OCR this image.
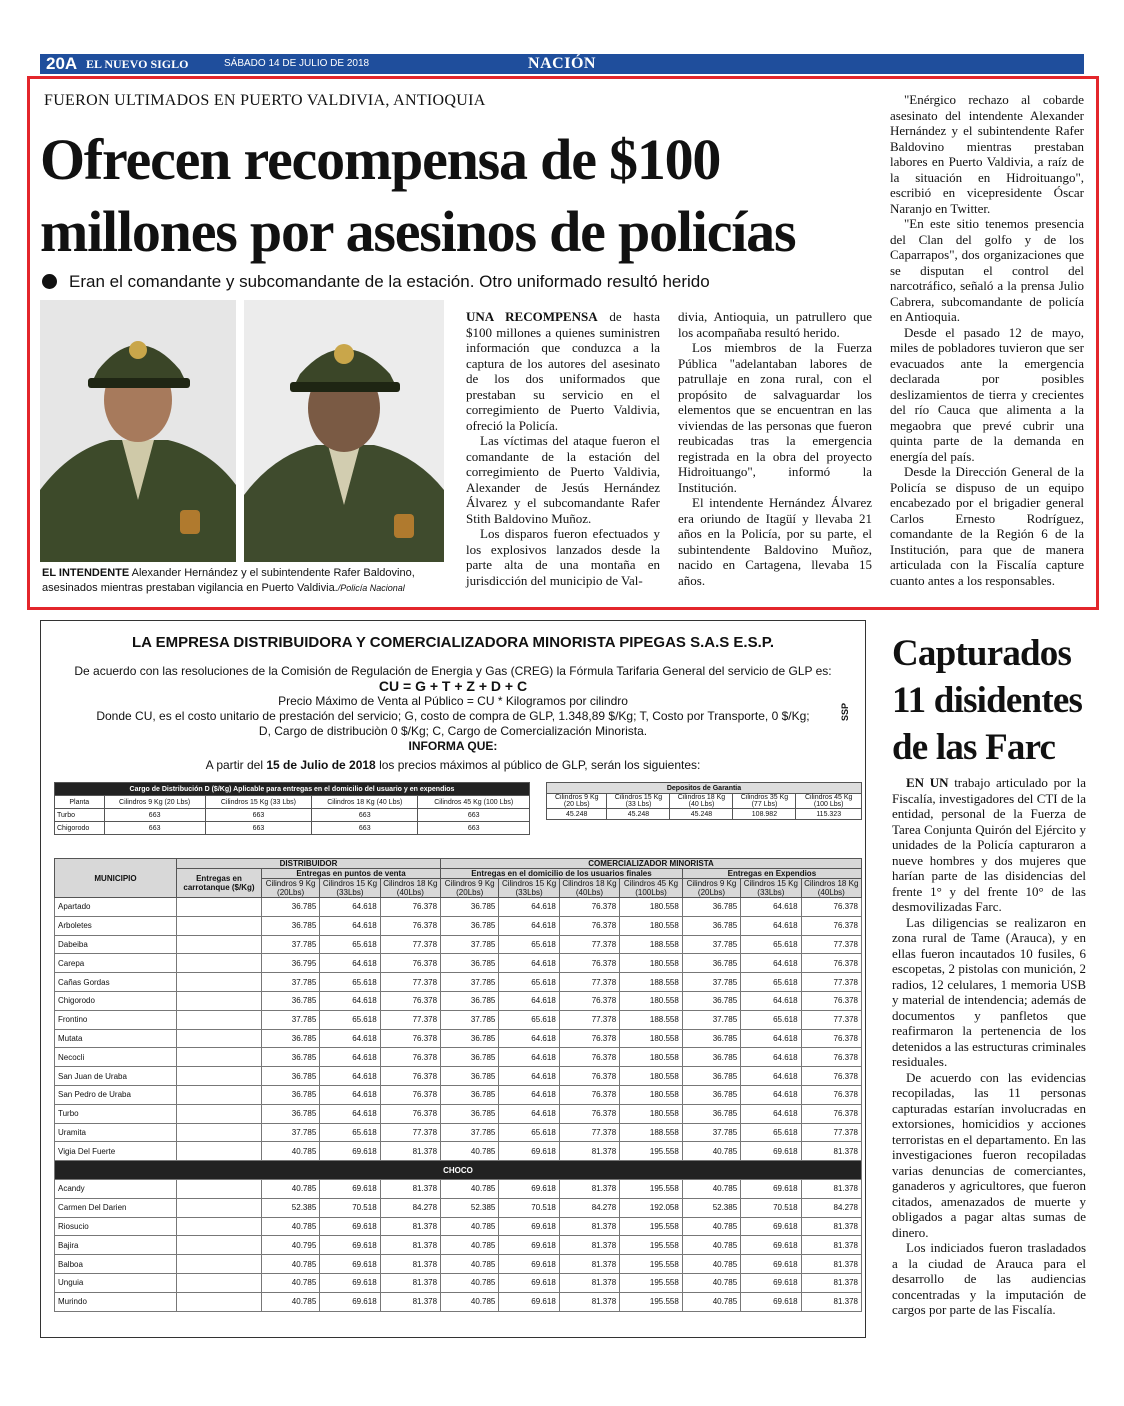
NACIÓN
20A EL NUEVO SIGLO	SÁBADO 14 DE JULIO DE 2018
FUERON ULTIMADOS EN PUERTO VALDIVIA, ANTIOQUIA
Ofrecen recompensa de $100 millones por asesinos de policías
Eran el comandante y subcomandante de la estación. Otro uniformado resultó herido
EL INTENDENTE Alexander Hernández y el subintendente Rafer Baldovino, asesinados mientras prestaban vigilancia en Puerto Valdivia./Policía Nacional

UNA RECOMPENSA de hasta $100 millones a quienes suministren información que conduzca a la captura de los autores del asesinato de los dos uniformados que prestaban su servicio en el corregimiento de Puerto Valdivia, ofreció la Policía.

Las víctimas del ataque fueron el comandante de la estación del corregimiento de Puerto Valdivia, Alexander de Jesús Hernández Álvarez y el subcomandante Rafer Stith Baldovino Muñoz.

Los disparos fueron efectuados y los explosivos lanzados desde la parte alta de una montaña en jurisdicción del municipio de Val-

divia, Antioquia, un patrullero que los acompañaba resultó herido.

Los miembros de la Fuerza Pública "adelantaban labores de patrullaje en zona rural, con el propósito de salvaguardar los elementos que se encuentran en las viviendas de las personas que fueron reubicadas tras la emergencia registrada en la obra del proyecto Hidroituango", informó la Institución.

El intendente Hernández Álvarez era oriundo de Itagüí y llevaba 21 años en la Policía, por su parte, el subintendente Baldovino Muñoz, nacido en Cartagena, llevaba 15 años.

"Enérgico rechazo al cobarde asesinato del intendente Alexander Hernández y el subintendente Rafer Baldovino mientras prestaban labores en Puerto Valdivia, a raíz de la situación en Hidroituango", escribió en vicepresidente Óscar Naranjo en Twitter.

"En este sitio tenemos presencia del Clan del golfo y de los Caparrapos", dos organizaciones que se disputan el control del narcotráfico, señaló a la prensa Julio Cabrera, subcomandante de policía en Antioquia.

Desde el pasado 12 de mayo, miles de pobladores tuvieron que ser evacuados ante la emergencia declarada por posibles deslizamientos de tierra y crecientes del río Cauca que alimenta a la megaobra que prevé cubrir una quinta parte de la demanda en energía del país.

Desde la Dirección General de la Policía se dispuso de un equipo encabezado por el brigadier general Carlos Ernesto Rodríguez, comandante de la Región 6 de la Institución, para que de manera articulada con la Fiscalía capture cuanto antes a los responsables.

LA EMPRESA DISTRIBUIDORA Y COMERCIALIZADORA MINORISTA PIPEGAS S.A.S E.S.P.
De acuerdo con las resoluciones de la Comisión de Regulación de Energia y Gas (CREG) la Fórmula Tarifaria General del servicio de GLP es:
CU = G + T + Z + D + C
Precio Máximo de Venta al Público = CU * Kilogramos por cilindro
Donde CU, es el costo unitario de prestación del servicio; G, costo de compra de GLP, 1.348,89 $/Kg; T, Costo por Transporte, 0 $/Kg;
D, Cargo de distribuciòn 0 $/Kg; C, Cargo de Comercialización Minorista.
INFORMA QUE:
SSP
A partir del 15 de Julio de 2018 los precios máximos al público de GLP, serán los siguientes:
Cargo de Distribución D ($/Kg) Aplicable para entregas en el domicilio del usuario y en expendios				
Planta	Cilindros 9 Kg (20 Lbs)	Cilindros 15 Kg (33 Lbs)	Cilindros 18 Kg (40 Lbs)	Cilindros 45 Kg (100 Lbs)
Turbo	663	663	663	663
Chigorodo	663	663	663	663
Depositos de Garantia				
Cilindros 9 Kg (20 Lbs)	Cilindros 15 Kg (33 Lbs)	Cilindros 18 Kg (40 Lbs)	Cilindros 35 Kg (77 Lbs)	Cilindros 45 Kg (100 Lbs)
45.248	45.248	45.248	108.982	115.323
MUNICIPIO	DISTRIBUIDOR				COMERCIALIZADOR MINORISTA						
	Entregas en carrotanque ($/Kg)	Entregas en puntos de venta			Entregas en el domicilio de los usuarios finales				Entregas en Expendios		
		Cilindros 9 Kg (20Lbs)	Cilindros 15 Kg (33Lbs)	Cilindros 18 Kg (40Lbs)	Cilindros 9 Kg (20Lbs)	Cilindros 15 Kg (33Lbs)	Cilindros 18 Kg (40Lbs)	Cilindros 45 Kg (100Lbs)	Cilindros 9 Kg (20Lbs)	Cilindros 15 Kg (33Lbs)	Cilindros 18 Kg (40Lbs)
Apartado		36.785	64.618	76.378	36.785	64.618	76.378	180.558	36.785	64.618	76.378
Arboletes		36.785	64.618	76.378	36.785	64.618	76.378	180.558	36.785	64.618	76.378
Dabeiba		37.785	65.618	77.378	37.785	65.618	77.378	188.558	37.785	65.618	77.378
Carepa		36.795	64.618	76.378	36.785	64.618	76.378	180.558	36.785	64.618	76.378
Cañas Gordas		37.785	65.618	77.378	37.785	65.618	77.378	188.558	37.785	65.618	77.378
Chigorodo		36.785	64.618	76.378	36.785	64.618	76.378	180.558	36.785	64.618	76.378
Frontino		37.785	65.618	77.378	37.785	65.618	77.378	188.558	37.785	65.618	77.378
Mutata		36.785	64.618	76.378	36.785	64.618	76.378	180.558	36.785	64.618	76.378
Necocli		36.785	64.618	76.378	36.785	64.618	76.378	180.558	36.785	64.618	76.378
San Juan de Uraba		36.785	64.618	76.378	36.785	64.618	76.378	180.558	36.785	64.618	76.378
San Pedro de Uraba		36.785	64.618	76.378	36.785	64.618	76.378	180.558	36.785	64.618	76.378
Turbo		36.785	64.618	76.378	36.785	64.618	76.378	180.558	36.785	64.618	76.378
Uramita		37.785	65.618	77.378	37.785	65.618	77.378	188.558	37.785	65.618	77.378
Vigia Del Fuerte		40.785	69.618	81.378	40.785	69.618	81.378	195.558	40.785	69.618	81.378
CHOCO											
Acandy		40.785	69.618	81.378	40.785	69.618	81.378	195.558	40.785	69.618	81.378
Carmen Del Darien		52.385	70.518	84.278	52.385	70.518	84.278	192.058	52.385	70.518	84.278
Riosucio		40.785	69.618	81.378	40.785	69.618	81.378	195.558	40.785	69.618	81.378
Bajira		40.795	69.618	81.378	40.785	69.618	81.378	195.558	40.785	69.618	81.378
Balboa		40.785	69.618	81.378	40.785	69.618	81.378	195.558	40.785	69.618	81.378
Unguia		40.785	69.618	81.378	40.785	69.618	81.378	195.558	40.785	69.618	81.378
Murindo		40.785	69.618	81.378	40.785	69.618	81.378	195.558	40.785	69.618	81.378
Capturados 11 disidentes de las Farc

EN UN trabajo articulado por la Fiscalía, investigadores del CTI de la entidad, personal de la Fuerza de Tarea Conjunta Quirón del Ejército y unidades de la Policía capturaron a nueve hombres y dos mujeres que harían parte de las disidencias del frente 1° y del frente 10° de las desmovilizadas Farc.

Las diligencias se realizaron en zona rural de Tame (Arauca), y en ellas fueron incautados 10 fusiles, 6 escopetas, 2 pistolas con munición, 2 radios, 12 celulares, 1 memoria USB y material de intendencia; además de documentos y panfletos que reafirmaron la pertenencia de los detenidos a las estructuras criminales residuales.

De acuerdo con las evidencias recopiladas, las 11 personas capturadas estarían involucradas en extorsiones, homicidios y acciones terroristas en el departamento. En las investigaciones fueron recopiladas varias denuncias de comerciantes, ganaderos y agricultores, que fueron citados, amenazados de muerte y obligados a pagar altas sumas de dinero.

Los indiciados fueron trasladados a la ciudad de Arauca para el desarrollo de las audiencias concentradas y la imputación de cargos por parte de las Fiscalía.
